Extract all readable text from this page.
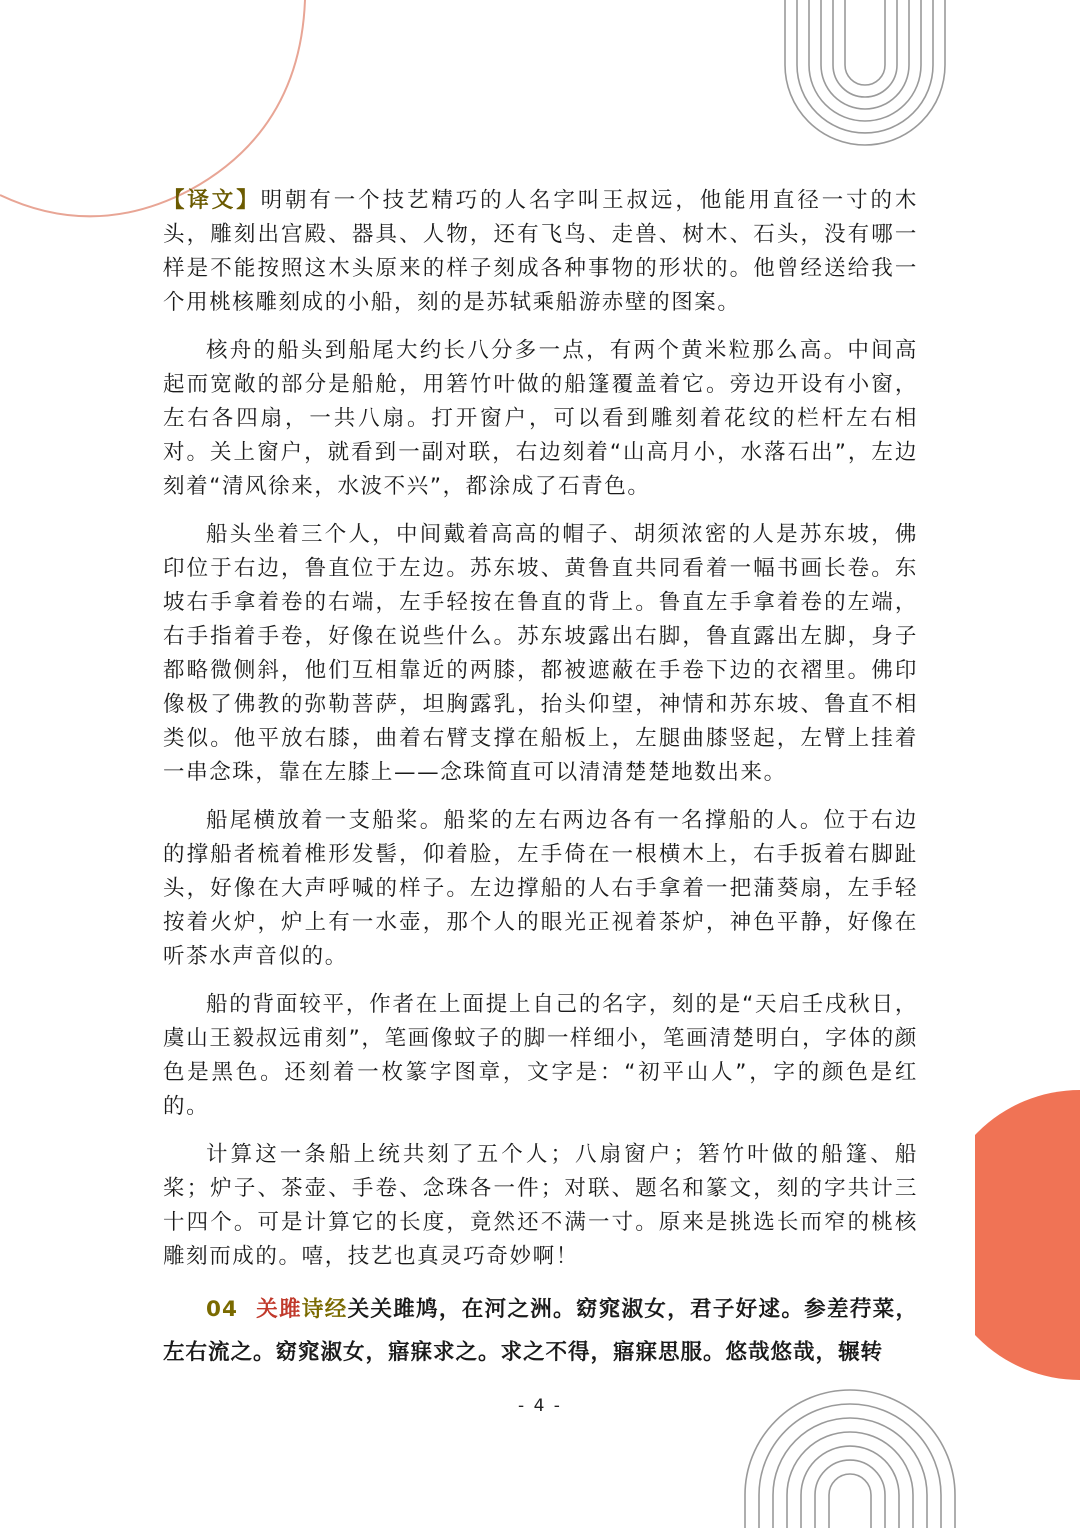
【译文】明朝有一个技艺精巧的人名字叫王叔远，他能用直径一寸的木头，雕刻出宫殿、器具、人物，还有飞鸟、走兽、树木、石头，没有哪一样是不能按照这木头原来的样子刻成各种事物的形状的。他曾经送给我一个用桃核雕刻成的小船，刻的是苏轼乘船游赤壁的图案。

核舟的船头到船尾大约长八分多一点，有两个黄米粒那么高。中间高起而宽敞的部分是船舱，用箬竹叶做的船篷覆盖着它。旁边开设有小窗，左右各四扇，一共八扇。打开窗户，可以看到雕刻着花纹的栏杆左右相对。关上窗户，就看到一副对联，右边刻着“山高月小，水落石出”，左边刻着“清风徐来，水波不兴”，都涂成了石青色。

船头坐着三个人，中间戴着高高的帽子、胡须浓密的人是苏东坡，佛印位于右边，鲁直位于左边。苏东坡、黄鲁直共同看着一幅书画长卷。东坡右手拿着卷的右端，左手轻按在鲁直的背上。鲁直左手拿着卷的左端，右手指着手卷，好像在说些什么。苏东坡露出右脚，鲁直露出左脚，身子都略微侧斜，他们互相靠近的两膝，都被遮蔽在手卷下边的衣褶里。佛印像极了佛教的弥勒菩萨，坦胸露乳，抬头仰望，神情和苏东坡、鲁直不相类似。他平放右膝，曲着右臂支撑在船板上，左腿曲膝竖起，左臂上挂着一串念珠，靠在左膝上——念珠简直可以清清楚楚地数出来。

船尾横放着一支船桨。船桨的左右两边各有一名撑船的人。位于右边的撑船者梳着椎形发髻，仰着脸，左手倚在一根横木上，右手扳着右脚趾头，好像在大声呼喊的样子。左边撑船的人右手拿着一把蒲葵扇，左手轻按着火炉，炉上有一水壶，那个人的眼光正视着茶炉，神色平静，好像在听茶水声音似的。

船的背面较平，作者在上面提上自己的名字，刻的是“天启壬戌秋日，虞山王毅叔远甫刻”，笔画像蚊子的脚一样细小，笔画清楚明白，字体的颜色是黑色。还刻着一枚篆字图章，文字是：“初平山人”，字的颜色是红的。

计算这一条船上统共刻了五个人；八扇窗户；箬竹叶做的船篷、船桨；炉子、茶壶、手卷、念珠各一件；对联、题名和篆文，刻的字共计三十四个。可是计算它的长度，竟然还不满一寸。原来是挑选长而窄的桃核雕刻而成的。嘻，技艺也真灵巧奇妙啊！

04 关雎诗经关关雎鸠，在河之洲。窈窕淑女，君子好逑。参差荇菜，左右流之。窈窕淑女，寤寐求之。求之不得，寤寐思服。悠哉悠哉，辗转

- 4 -
